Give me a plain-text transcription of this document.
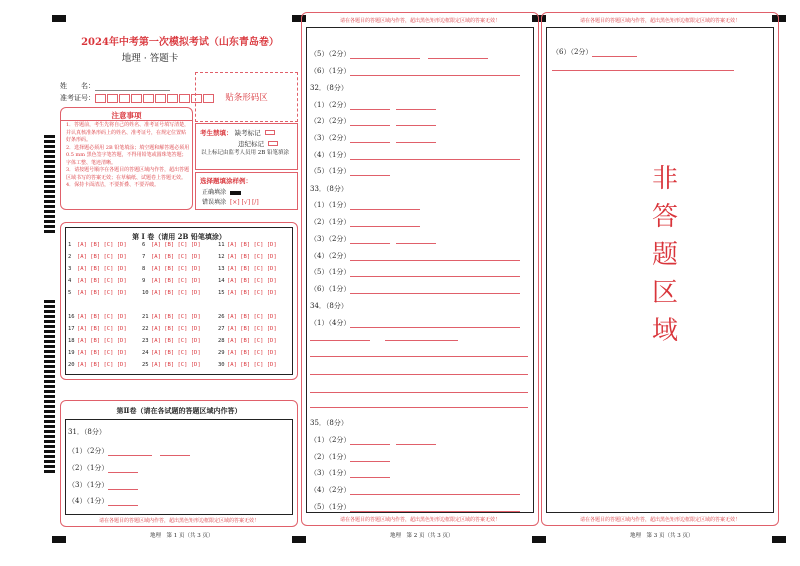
2024年中考第一次模拟考试（山东青岛卷）
地理 · 答题卡
姓　　名：
准考证号：	贴条形码区
注意事项

1．答题前，考生先将自己的姓名、准考证号填写清楚，并认真核准条形码上的姓名、准考证号，在规定位置贴好条形码。

2．选择题必须用 2B 铅笔填涂；填空题和解答题必须用 0.5 mm 黑色签字笔答题，不得用铅笔或圆珠笔答题；字体工整、笔迹清晰。

3．请按题号顺序在各题目的答题区域内作答，超出答题区域书写的答案无效；在草稿纸、试题卷上答题无效。

4．保持卡面清洁，不要折叠、不要弄破。

考生禁填： 缺考标记
违纪标记
以上标记由监考人员用 2B 铅笔填涂
选择题填涂样例：
正确填涂
错误填涂 [×] [√] [/]
第 Ⅰ 卷（请用 2B 铅笔填涂）
1 [A] [B] [C] [D]
2 [A] [B] [C] [D]
3 [A] [B] [C] [D]
4 [A] [B] [C] [D]
5 [A] [B] [C] [D]
6 [A] [B] [C] [D]
7 [A] [B] [C] [D]
8 [A] [B] [C] [D]
9 [A] [B] [C] [D]
10 [A] [B] [C] [D]
11 [A] [B] [C] [D]
12 [A] [B] [C] [D]
13 [A] [B] [C] [D]
14 [A] [B] [C] [D]
15 [A] [B] [C] [D]
16 [A] [B] [C] [D]
17 [A] [B] [C] [D]
18 [A] [B] [C] [D]
19 [A] [B] [C] [D]
20 [A] [B] [C] [D]
21 [A] [B] [C] [D]
22 [A] [B] [C] [D]
23 [A] [B] [C] [D]
24 [A] [B] [C] [D]
25 [A] [B] [C] [D]
26 [A] [B] [C] [D]
27 [A] [B] [C] [D]
28 [A] [B] [C] [D]
29 [A] [B] [C] [D]
30 [A] [B] [C] [D]
第Ⅱ卷（请在各试题的答题区域内作答）
请在各题目的答题区域内作答，超出黑色矩形边框限定区域的答案无效！
31．（8分）
（1）（2分）
（2）（1分）
（3）（1分）
（4）（1分）
地理　第 1 页（共 3 页）
请在各题目的答题区域内作答，超出黑色矩形边框限定区域的答案无效！
请在各题目的答题区域内作答，超出黑色矩形边框限定区域的答案无效！
（5）（2分）
（6）（1分）
32．（8分）
（1）（2分）
（2）（2分）
（3）（2分）
（4）（1分）
（5）（1分）
33．（8分）
（1）（1分）
（2）（1分）
（3）（2分）
（4）（2分）
（5）（1分）
（6）（1分）
34．（8分）
（1）（4分）
35．（8分）
（1）（2分）
（2）（1分）
（3）（1分）
（4）（2分）
（5）（1分）
地理　第 2 页（共 3 页）
请在各题目的答题区域内作答，超出黑色矩形边框限定区域的答案无效！
请在各题目的答题区域内作答，超出黑色矩形边框限定区域的答案无效！
（6）（2分）
非
答
题
区
域
地理　第 3 页（共 3 页）
